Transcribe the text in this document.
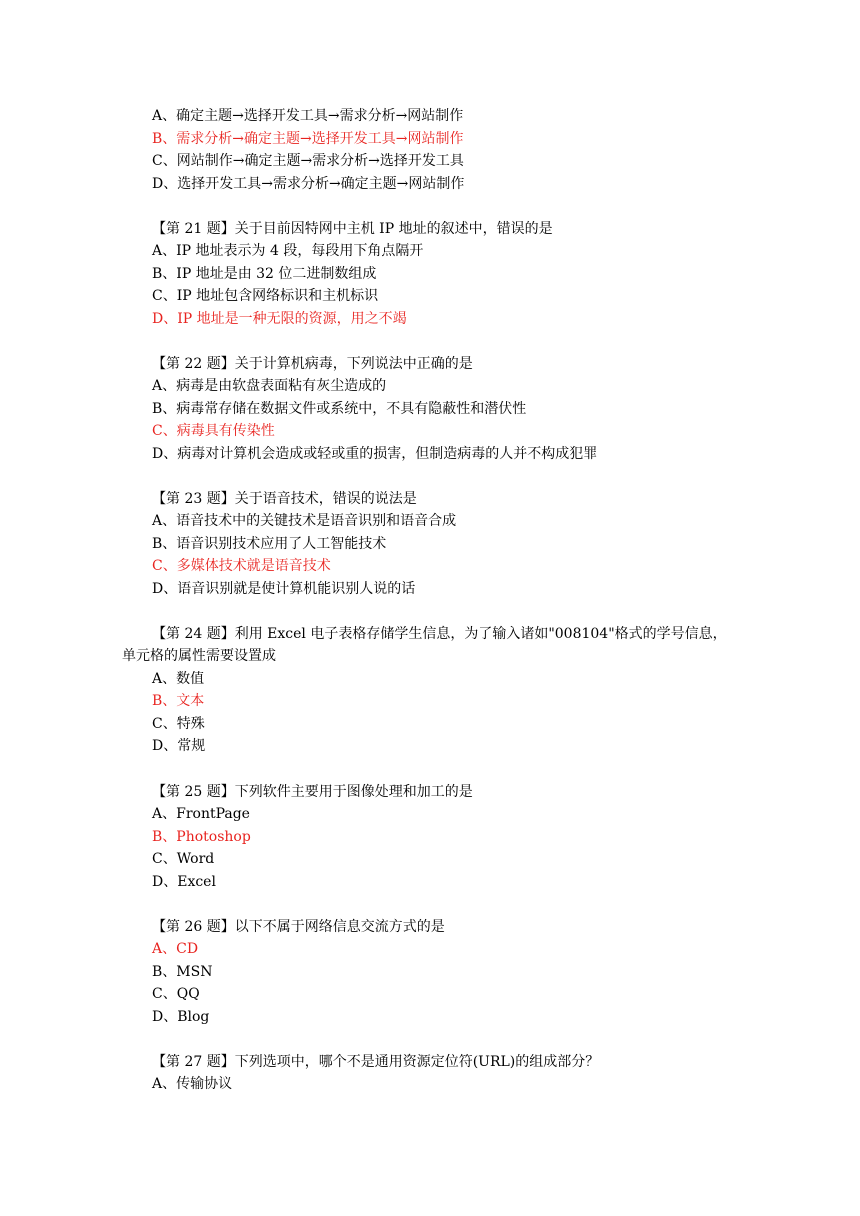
A、确定主题→选择开发工具→需求分析→网站制作
B、需求分析→确定主题→选择开发工具→网站制作
C、网站制作→确定主题→需求分析→选择开发工具
D、选择开发工具→需求分析→确定主题→网站制作
【第 21 题】关于目前因特网中主机 IP 地址的叙述中，错误的是
A、IP 地址表示为 4 段，每段用下角点隔开
B、IP 地址是由 32 位二进制数组成
C、IP 地址包含网络标识和主机标识
D、IP 地址是一种无限的资源，用之不竭
【第 22 题】关于计算机病毒，下列说法中正确的是
A、病毒是由软盘表面粘有灰尘造成的
B、病毒常存储在数据文件或系统中，不具有隐蔽性和潜伏性
C、病毒具有传染性
D、病毒对计算机会造成或轻或重的损害，但制造病毒的人并不构成犯罪
【第 23 题】关于语音技术，错误的说法是
A、语音技术中的关键技术是语音识别和语音合成
B、语音识别技术应用了人工智能技术
C、多媒体技术就是语音技术
D、语音识别就是使计算机能识别人说的话
【第 24 题】利用 Excel 电子表格存储学生信息，为了输入诸如"008104"格式的学号信息，
单元格的属性需要设置成
A、数值
B、文本
C、特殊
D、常规
【第 25 题】下列软件主要用于图像处理和加工的是
A、FrontPage
B、Photoshop
C、Word
D、Excel
【第 26 题】以下不属于网络信息交流方式的是
A、CD
B、MSN
C、QQ
D、Blog
【第 27 题】下列选项中，哪个不是通用资源定位符(URL)的组成部分？
A、传输协议
